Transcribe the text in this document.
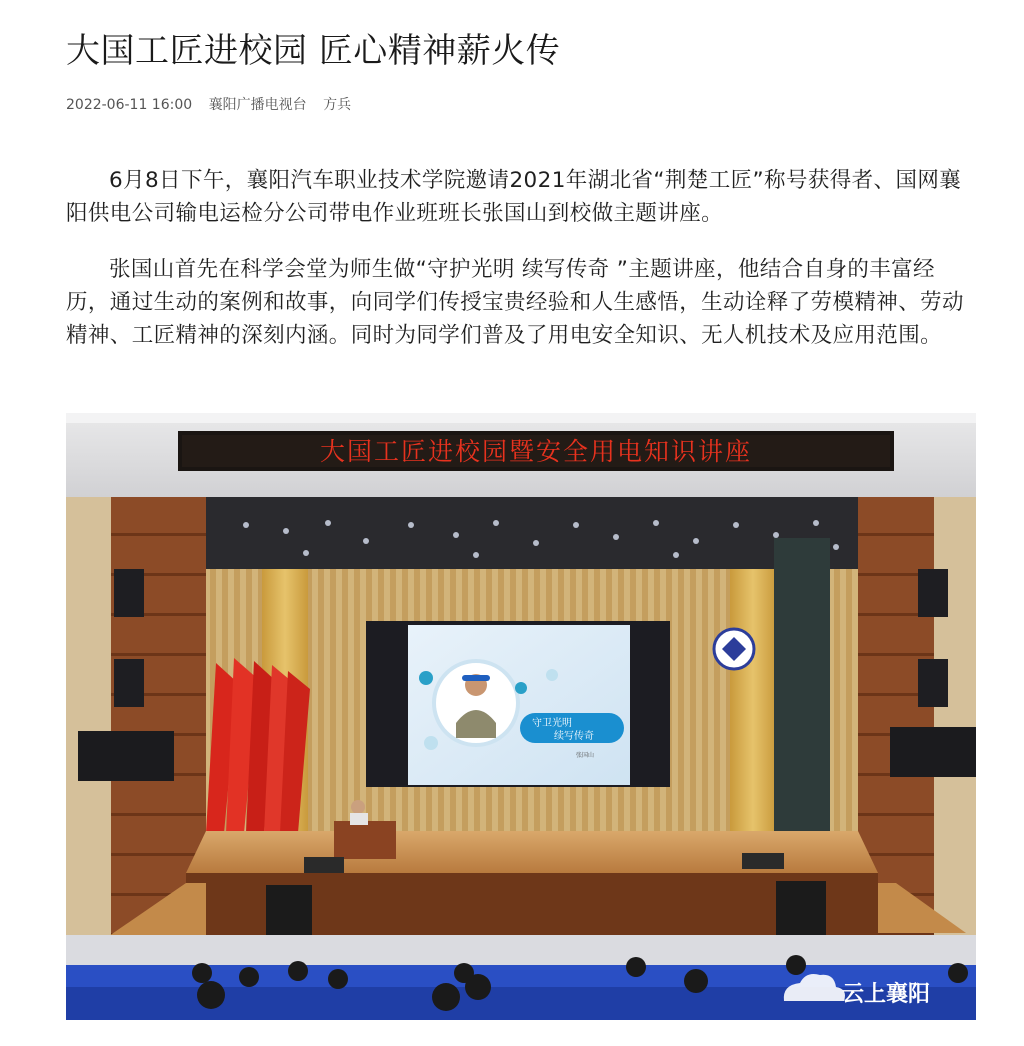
大国工匠进校园 匠心精神薪火传
2022-06-11 16:00 襄阳广播电视台 方兵
6月8日下午，襄阳汽车职业技术学院邀请2021年湖北省“荆楚工匠”称号获得者、国网襄阳供电公司输电运检分公司带电作业班班长张国山到校做主题讲座。
张国山首先在科学会堂为师生做“守护光明 续写传奇 ”主题讲座，他结合自身的丰富经历，通过生动的案例和故事，向同学们传授宝贵经验和人生感悟，生动诠释了劳模精神、劳动精神、工匠精神的深刻内涵。同时为同学们普及了用电安全知识、无人机技术及应用范围。
大国工匠进校园暨安全用电知识讲座
守卫光明
续写传奇
张国山
云上襄阳
